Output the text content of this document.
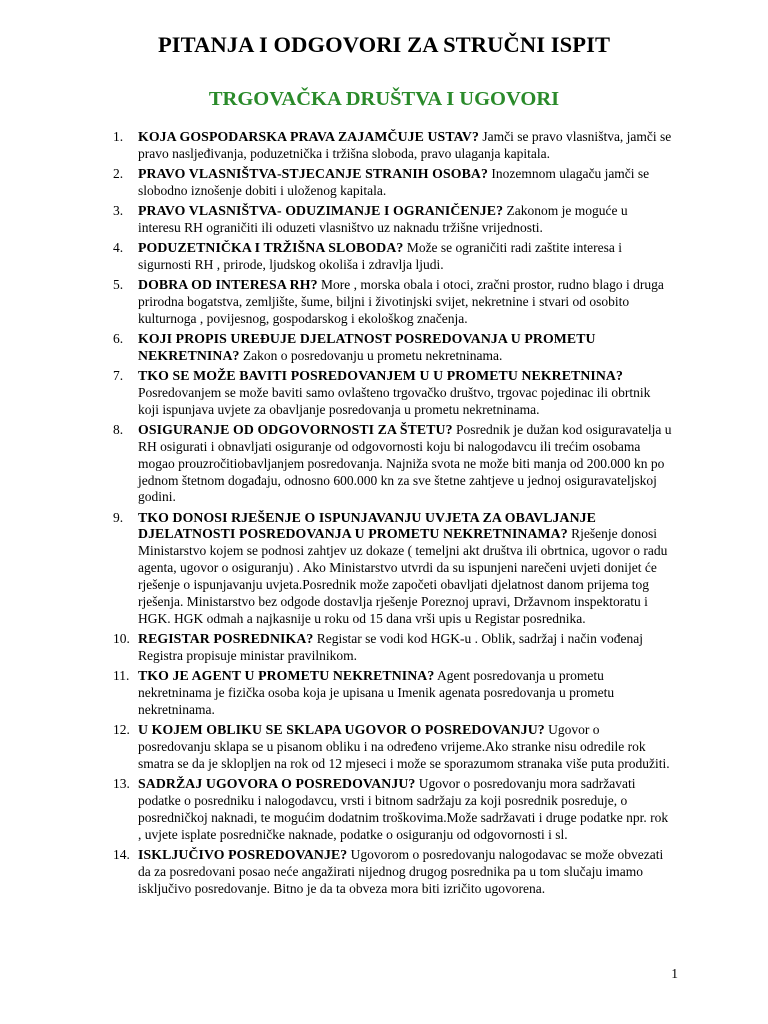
PITANJA I ODGOVORI ZA STRUČNI ISPIT
TRGOVAČKA DRUŠTVA I UGOVORI
1. KOJA GOSPODARSKA PRAVA ZAJAMČUJE USTAV? Jamči se pravo vlasništva, jamči se pravo nasljeđivanja, poduzetnička i tržišna sloboda, pravo ulaganja kapitala.
2. PRAVO VLASNIŠTVA-STJECANJE STRANIH OSOBA? Inozemnom ulagaču jamči se slobodno iznošenje dobiti i uloženog kapitala.
3. PRAVO VLASNIŠTVA- ODUZIMANJE I OGRANIČENJE? Zakonom je moguće u interesu RH ograničiti ili oduzeti vlasništvo uz naknadu tržišne vrijednosti.
4. PODUZETNIČKA I TRŽIŠNA SLOBODA? Može se ograničiti radi zaštite interesa i sigurnosti RH , prirode, ljudskog okoliša i zdravlja ljudi.
5. DOBRA OD INTERESA RH? More , morska obala i otoci, zračni prostor, rudno blago i druga prirodna bogatstva, zemljište, šume, biljni i životinjski svijet, nekretnine i stvari od osobito kulturnoga , povijesnog, gospodarskog i ekološkog značenja.
6. KOJI PROPIS UREĐUJE DJELATNOST POSREDOVANJA U PROMETU NEKRETNINA? Zakon o posredovanju u prometu nekretninama.
7. TKO SE MOŽE BAVITI POSREDOVANJEM U U PROMETU NEKRETNINA? Posredovanjem se može baviti samo ovlašteno trgovačko društvo, trgovac pojedinac ili obrtnik koji ispunjava uvjete za obavljanje posredovanja u prometu nekretninama.
8. OSIGURANJE OD ODGOVORNOSTI ZA ŠTETU? Posrednik je dužan kod osiguravatelja u RH osigurati i obnavljati osiguranje od odgovornosti koju bi nalogodavcu ili trećim osobama mogao prouzročitiobavljanjem posredovanja. Najniža svota ne može biti manja od 200.000 kn po jednom štetnom događaju, odnosno 600.000 kn za sve štetne zahtjeve u jednoj osiguravateljskoj godini.
9. TKO DONOSI RJEŠENJE O ISPUNJAVANJU UVJETA ZA OBAVLJANJE DJELATNOSTI POSREDOVANJA U PROMETU NEKRETNINAMA? Rješenje donosi Ministarstvo kojem se podnosi zahtjev uz dokaze ( temeljni akt društva ili obrtnica, ugovor o radu agenta, ugovor o osiguranju) . Ako Ministarstvo utvrdi da su ispunjeni narečeni uvjeti donijet će rješenje o ispunjavanju uvjeta.Posrednik može započeti obavljati djelatnost danom prijema tog rješenja. Ministarstvo bez odgode dostavlja rješenje Poreznoj upravi, Državnom inspektoratu i HGK. HGK odmah a najkasnije u roku od 15 dana vrši upis u Registar posrednika.
10. REGISTAR POSREDNIKA? Registar se vodi kod HGK-u . Oblik, sadržaj i način vođenaj Registra propisuje ministar pravilnikom.
11. TKO JE AGENT U PROMETU NEKRETNINA? Agent posredovanja u prometu nekretninama je fizička osoba koja je upisana u Imenik agenata posredovanja u prometu nekretninama.
12. U KOJEM OBLIKU SE SKLAPA UGOVOR O POSREDOVANJU? Ugovor o posredovanju sklapa se u pisanom obliku i na određeno vrijeme.Ako stranke nisu odredile rok smatra se da je sklopljen na rok od 12 mjeseci i može se sporazumom stranaka više puta produžiti.
13. SADRŽAJ UGOVORA O POSREDOVANJU? Ugovor o posredovanju mora sadržavati podatke o posredniku i nalogodavcu, vrsti i bitnom sadržaju za koji posrednik posreduje, o posredničkoj naknadi, te mogućim dodatnim troškovima.Može sadržavati i druge podatke npr. rok , uvjete isplate posredničke naknade, podatke o osiguranju od odgovornosti i sl.
14. ISKLJUČIVO POSREDOVANJE? Ugovorom o posredovanju nalogodavac se može obvezati da za posredovani posao neće angažirati nijednog drugog posrednika pa u tom slučaju imamo isključivo posredovanje. Bitno je da ta obveza mora biti izričito ugovorena.
1
